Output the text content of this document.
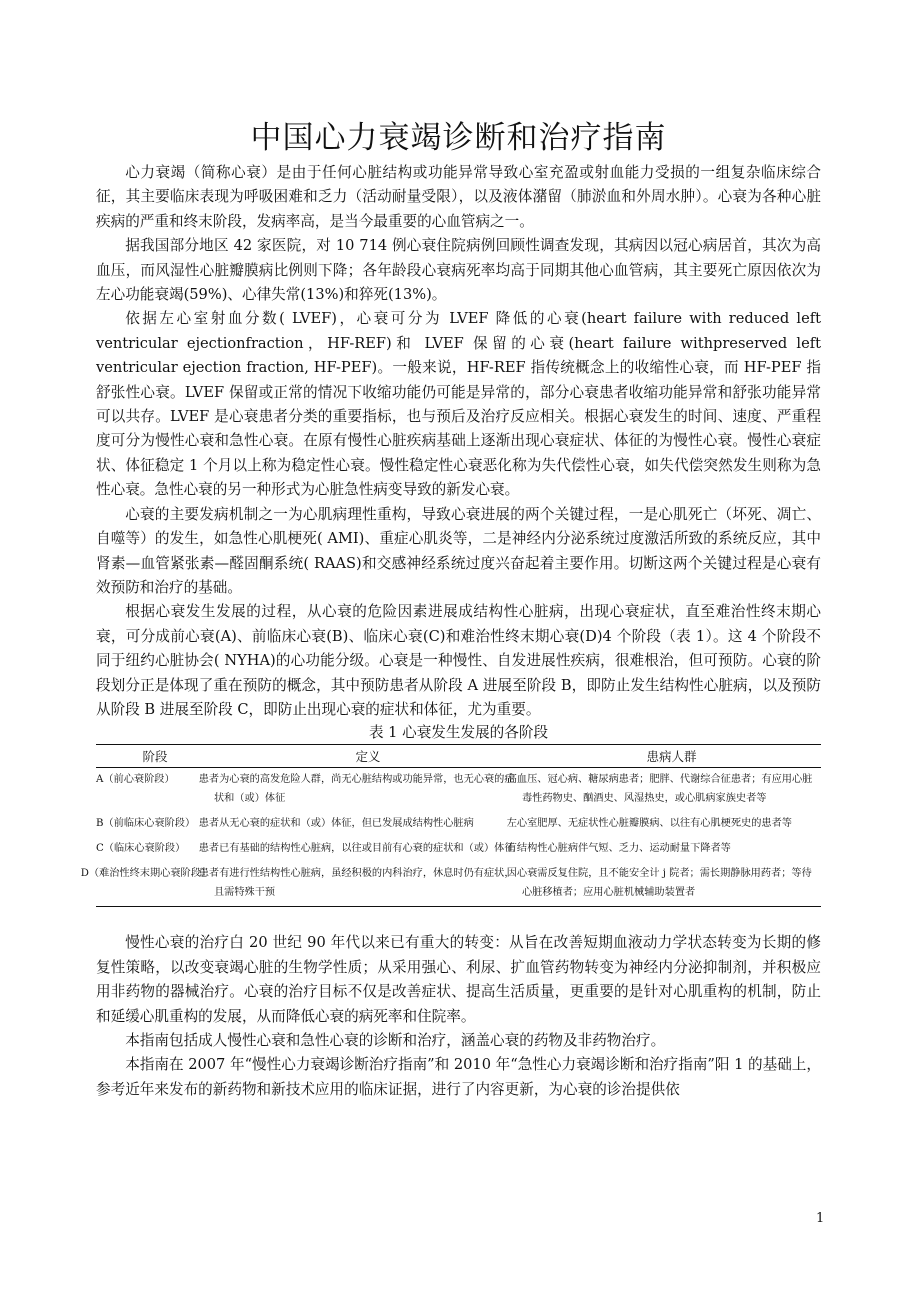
中国心力衰竭诊断和治疗指南

心力衰竭（简称心衰）是由于任何心脏结构或功能异常导致心室充盈或射血能力受损的一组复杂临床综合征，其主要临床表现为呼吸困难和乏力（活动耐量受限），以及液体潴留（肺淤血和外周水肿）。心衰为各种心脏疾病的严重和终末阶段，发病率高，是当今最重要的心血管病之一。

据我国部分地区 42 家医院，对 10 714 例心衰住院病例回顾性调查发现，其病因以冠心病居首，其次为高血压，而风湿性心脏瓣膜病比例则下降；各年龄段心衰病死率均高于同期其他心血管病，其主要死亡原因依次为左心功能衰竭(59%)、心律失常(13%)和猝死(13%)。

依据左心室射血分数( LVEF)，心衰可分为 LVEF 降低的心衰(heart failure with reduced left ventricular ejectionfraction，HF-REF)和 LVEF 保留的心衰(heart failure withpreserved left ventricular ejection fraction, HF-PEF)。一般来说，HF-REF 指传统概念上的收缩性心衰，而 HF-PEF 指舒张性心衰。LVEF 保留或正常的情况下收缩功能仍可能是异常的，部分心衰患者收缩功能异常和舒张功能异常可以共存。LVEF 是心衰患者分类的重要指标，也与预后及治疗反应相关。根据心衰发生的时间、速度、严重程度可分为慢性心衰和急性心衰。在原有慢性心脏疾病基础上逐渐出现心衰症状、体征的为慢性心衰。慢性心衰症状、体征稳定 1 个月以上称为稳定性心衰。慢性稳定性心衰恶化称为失代偿性心衰，如失代偿突然发生则称为急性心衰。急性心衰的另一种形式为心脏急性病变导致的新发心衰。

心衰的主要发病机制之一为心肌病理性重构，导致心衰进展的两个关键过程，一是心肌死亡（坏死、凋亡、自噬等）的发生，如急性心肌梗死( AMI)、重症心肌炎等，二是神经内分泌系统过度激活所致的系统反应，其中肾素—血管紧张素—醛固酮系统( RAAS)和交感神经系统过度兴奋起着主要作用。切断这两个关键过程是心衰有效预防和治疗的基础。

根据心衰发生发展的过程，从心衰的危险因素进展成结构性心脏病，出现心衰症状，直至难治性终末期心衰，可分成前心衰(A)、前临床心衰(B)、临床心衰(C)和难治性终末期心衰(D)4 个阶段（表 1）。这 4 个阶段不同于纽约心脏协会( NYHA)的心功能分级。心衰是一种慢性、自发进展性疾病，很难根治，但可预防。心衰的阶段划分正是体现了重在预防的概念，其中预防患者从阶段 A 进展至阶段 B，即防止发生结构性心脏病，以及预防从阶段 B 进展至阶段 C，即防止出现心衰的症状和体征，尤为重要。

表 1 心衰发生发展的各阶段

阶段	定义	患病人群
A（前心衰阶段）	患者为心衰的高发危险人群，尚无心脏结构或功能异常，也无心衰的症状和（或）体征	高血压、冠心病、糖尿病患者；肥胖、代谢综合征患者；有应用心脏毒性药物史、酗酒史、风湿热史，或心肌病家族史者等
B（前临床心衰阶段）	患者从无心衰的症状和（或）体征，但已发展成结构性心脏病	左心室肥厚、无症状性心脏瓣膜病、以往有心肌梗死史的患者等
C（临床心衰阶段）	患者已有基础的结构性心脏病，以往或目前有心衰的症状和（或）体征	有结构性心脏病伴气短、乏力、运动耐量下降者等
D（难治性终末期心衰阶段）	患者有进行性结构性心脏病，虽经积极的内科治疗，休息时仍有症状，且需特殊干预	因心衰需反复住院，且不能安全计 j 院者；需长期静脉用药者；等待心脏移植者；应用心脏机械辅助装置者

慢性心衰的治疗白 20 世纪 90 年代以来已有重大的转变：从旨在改善短期血液动力学状态转变为长期的修复性策略，以改变衰竭心脏的生物学性质；从采用强心、利尿、扩血管药物转变为神经内分泌抑制剂，并积极应用非药物的器械治疗。心衰的治疗目标不仅是改善症状、提高生活质量，更重要的是针对心肌重构的机制，防止和延缓心肌重构的发展，从而降低心衰的病死率和住院率。

本指南包括成人慢性心衰和急性心衰的诊断和治疗，涵盖心衰的药物及非药物治疗。

本指南在 2007 年“慢性心力衰竭诊断治疗指南”和 2010 年“急性心力衰竭诊断和治疗指南”阳 1 的基础上，参考近年来发布的新药物和新技术应用的临床证据，进行了内容更新，为心衰的诊治提供依

1
